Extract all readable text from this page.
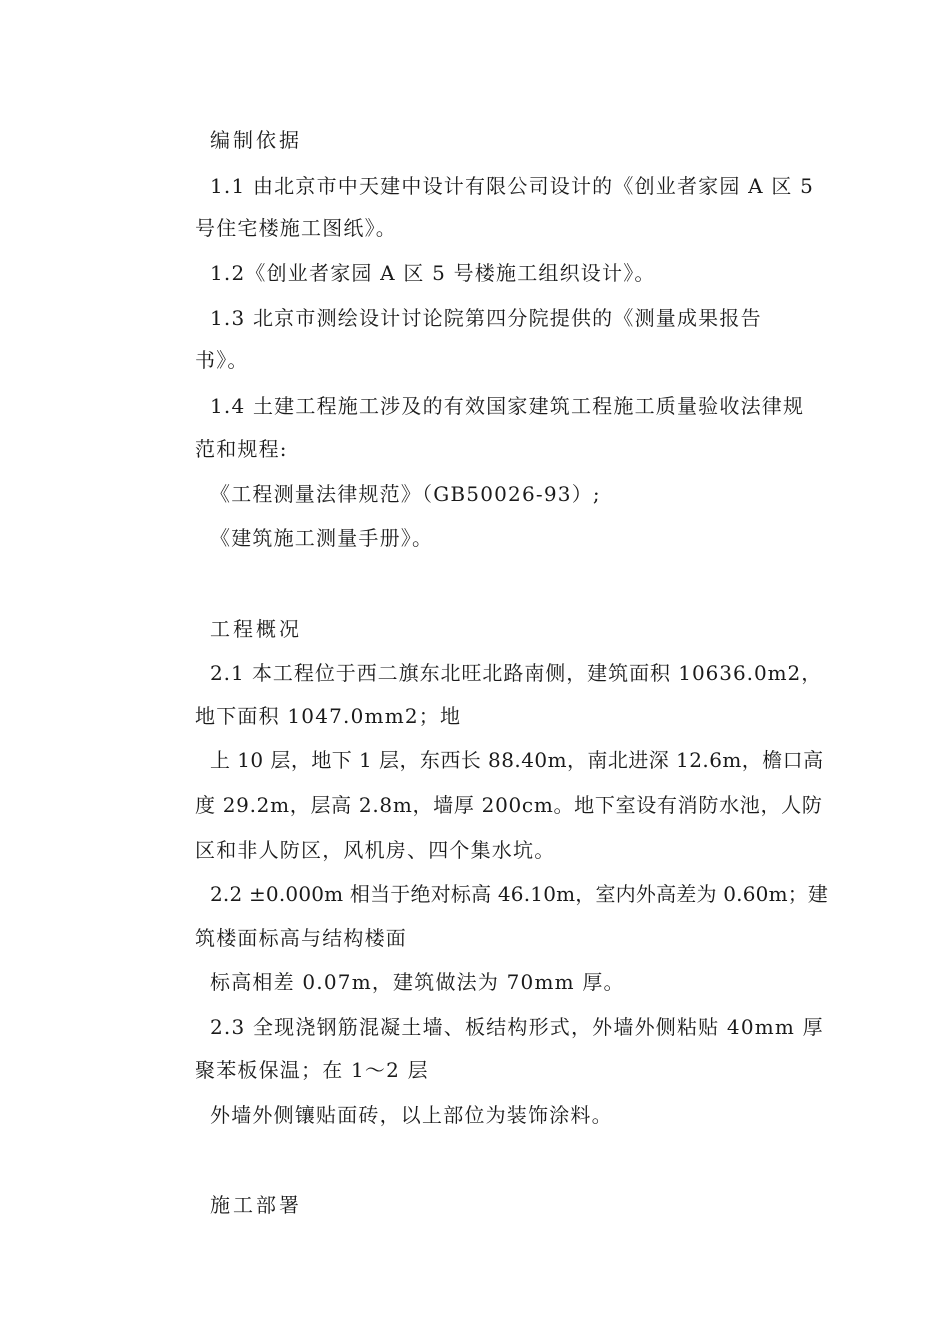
编制依据
1.1 由北京市中天建中设计有限公司设计的《创业者家园 A 区 5
号住宅楼施工图纸》。
1.2《创业者家园 A 区 5 号楼施工组织设计》。
1.3 北京市测绘设计讨论院第四分院提供的《测量成果报告
书》。
1.4 土建工程施工涉及的有效国家建筑工程施工质量验收法律规
范和规程:
《工程测量法律规范》（GB50026-93）;
《建筑施工测量手册》。
工程概况
2.1 本工程位于西二旗东北旺北路南侧，建筑面积 10636.0m2，
地下面积 1047.0mm2；地
上 10 层，地下 1 层，东西长 88.40m，南北进深 12.6m，檐口高
度 29.2m，层高 2.8m，墙厚 200cm。地下室设有消防水池，人防
区和非人防区，风机房、四个集水坑。
2.2 ±0.000m 相当于绝对标高 46.10m，室内外高差为 0.60m；建
筑楼面标高与结构楼面
标高相差 0.07m，建筑做法为 70mm 厚。
2.3 全现浇钢筋混凝土墙、板结构形式，外墙外侧粘贴 40mm 厚
聚苯板保温；在 1～2 层
外墙外侧镶贴面砖，以上部位为装饰涂料。
施工部署
